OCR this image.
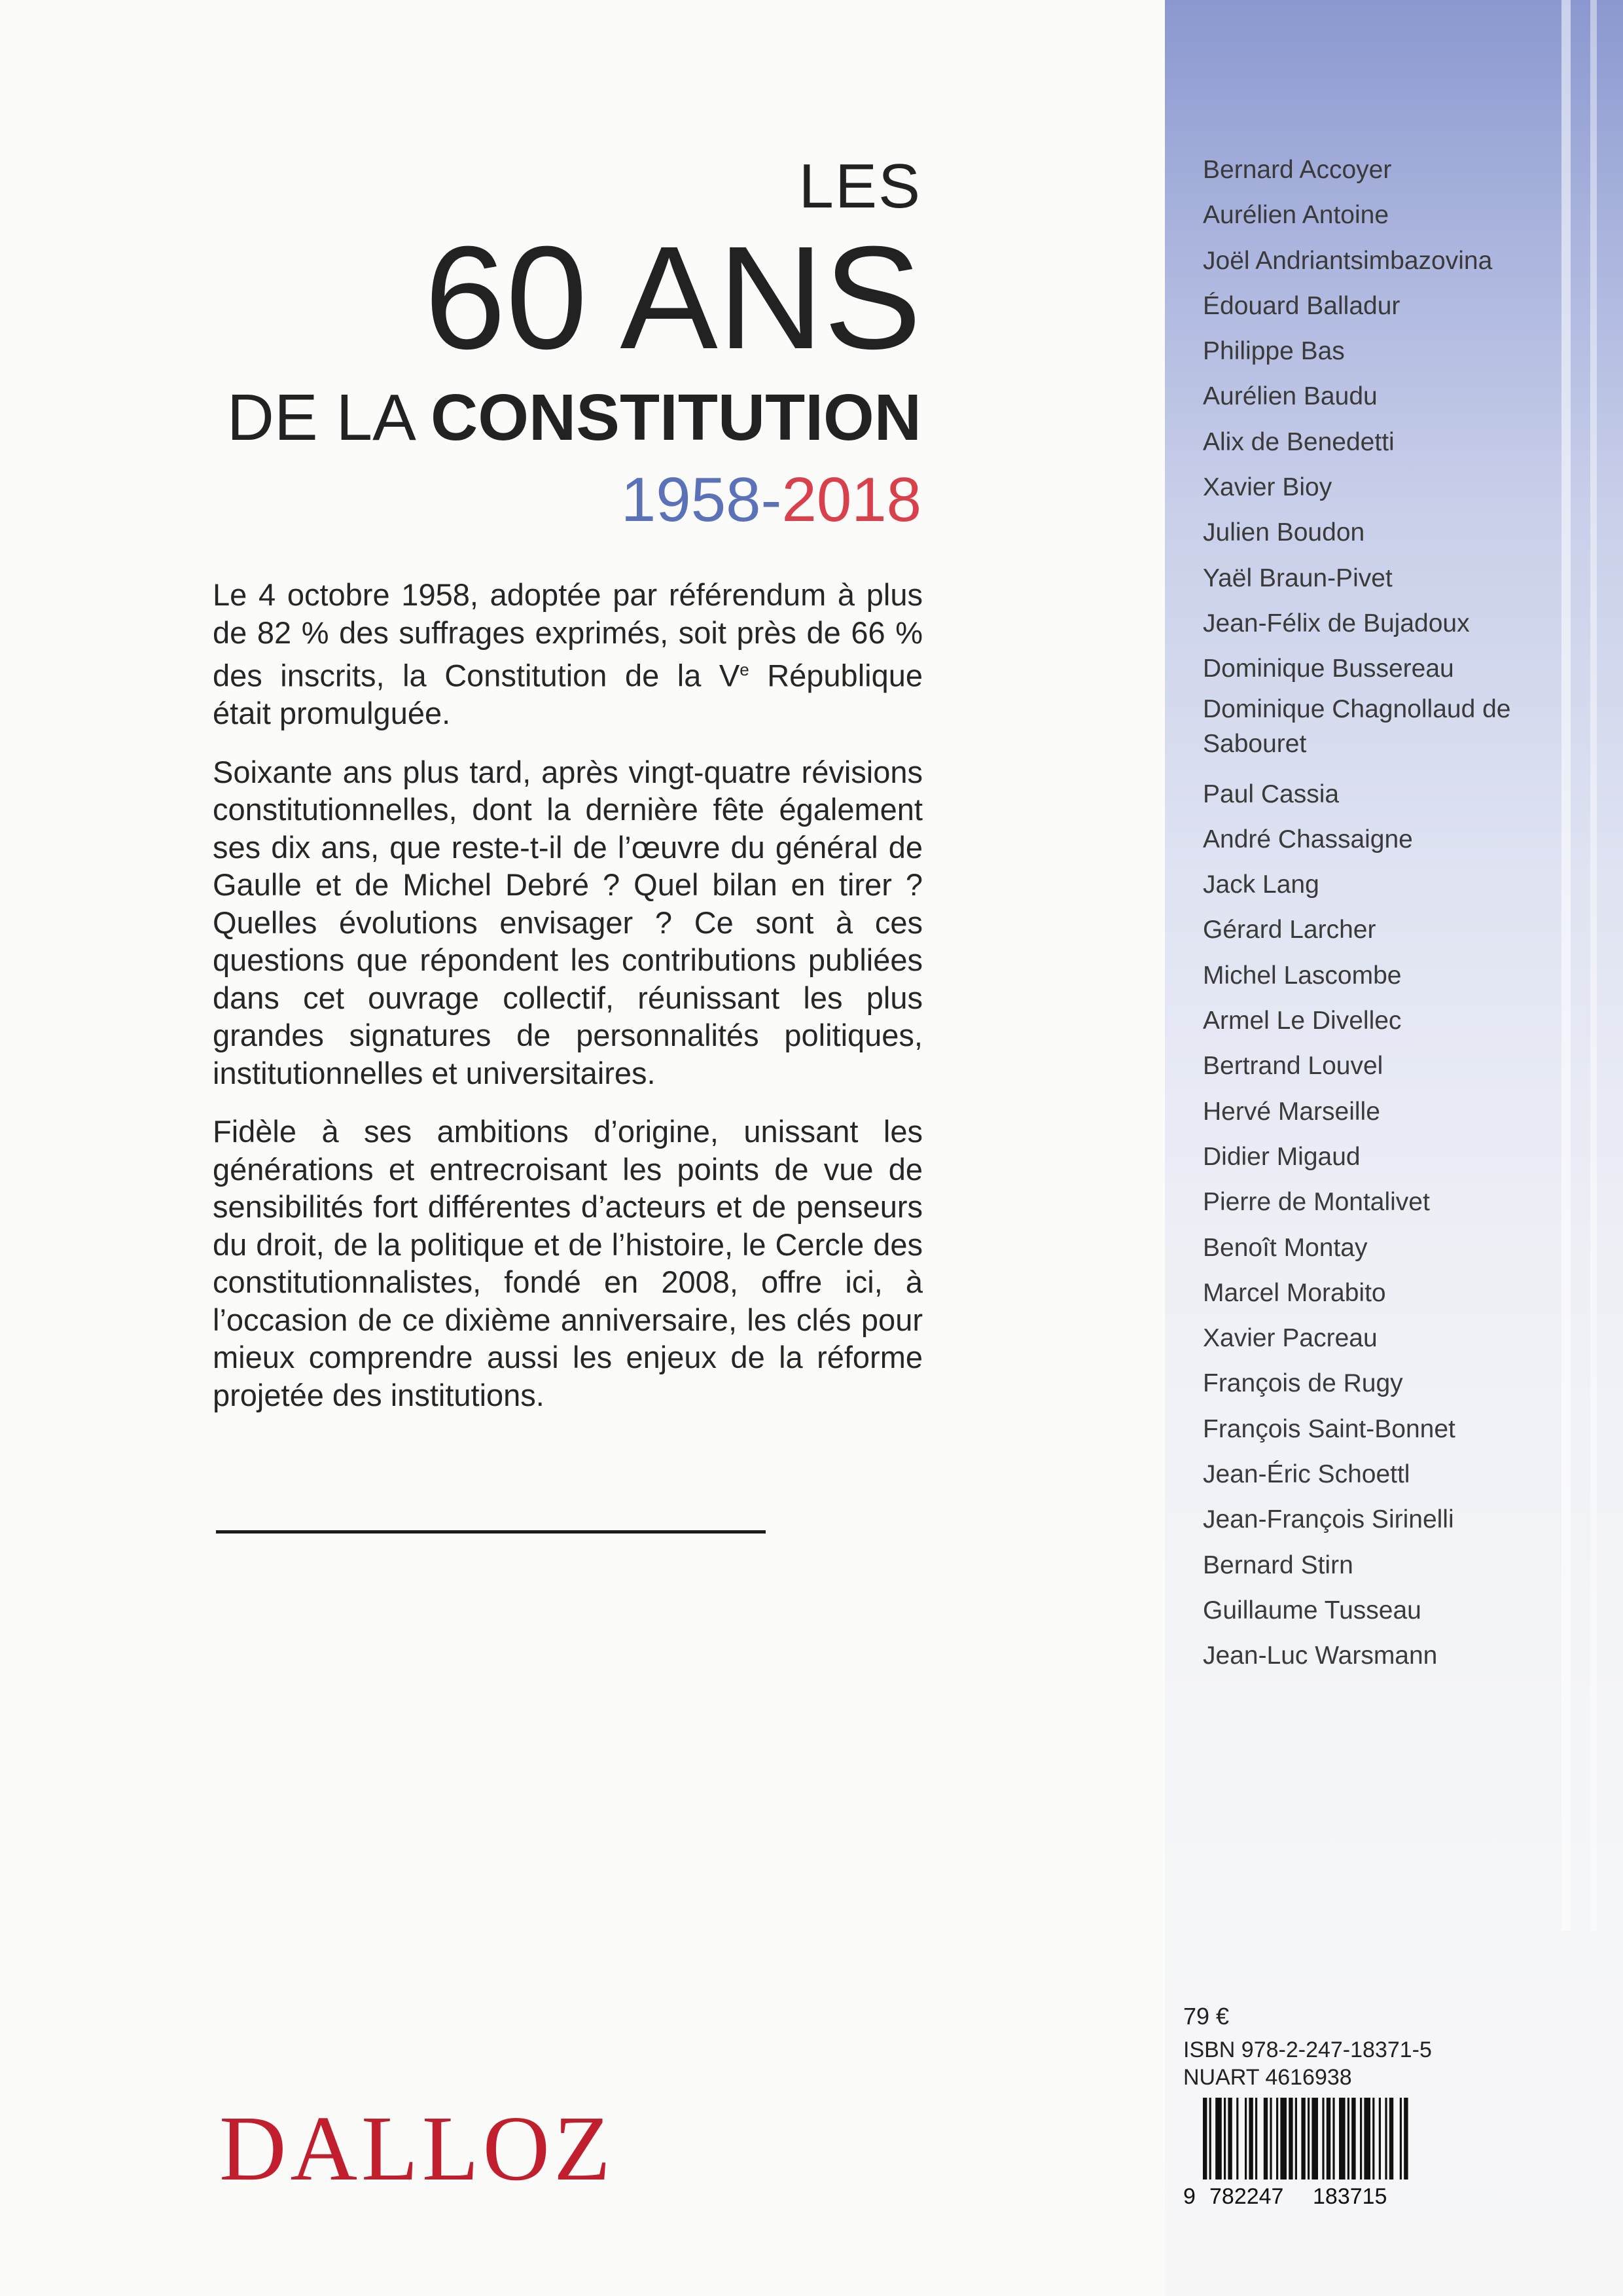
LES
60 ANS
DE LA CONSTITUTION
1958-2018

Le 4 octobre 1958, adoptée par référendum à plus de 82 % des suffrages exprimés, soit près de 66 % des inscrits, la Constitution de la Ve République était promulguée.

Soixante ans plus tard, après vingt-quatre révisions constitutionnelles, dont la dernière fête également ses dix ans, que reste-t-il de l’œuvre du général de Gaulle et de Michel Debré ? Quel bilan en tirer ? Quelles évolutions envisager ? Ce sont à ces questions que répondent les contributions publiées dans cet ouvrage collectif, réunissant les plus grandes signatures de personnalités politiques, institutionnelles et universitaires.

Fidèle à ses ambitions d’origine, unissant les générations et entrecroisant les points de vue de sensibilités fort différentes d’acteurs et de penseurs du droit, de la politique et de l’histoire, le Cercle des constitutionnalistes, fondé en 2008, offre ici, à l’occasion de ce dixième anniversaire, les clés pour mieux comprendre aussi les enjeux de la réforme projetée des institutions.

Bernard Accoyer
Aurélien Antoine
Joël Andriantsimbazovina
Édouard Balladur
Philippe Bas
Aurélien Baudu
Alix de Benedetti
Xavier Bioy
Julien Boudon
Yaël Braun-Pivet
Jean-Félix de Bujadoux
Dominique Bussereau
Dominique Chagnollaud de Sabouret
Paul Cassia
André Chassaigne
Jack Lang
Gérard Larcher
Michel Lascombe
Armel Le Divellec
Bertrand Louvel
Hervé Marseille
Didier Migaud
Pierre de Montalivet
Benoît Montay
Marcel Morabito
Xavier Pacreau
François de Rugy
François Saint-Bonnet
Jean-Éric Schoettl
Jean-François Sirinelli
Bernard Stirn
Guillaume Tusseau
Jean-Luc Warsmann
79 €
ISBN 978-2-247-18371-5
NUART 4616938
9 782247 183715
DALLOZ
